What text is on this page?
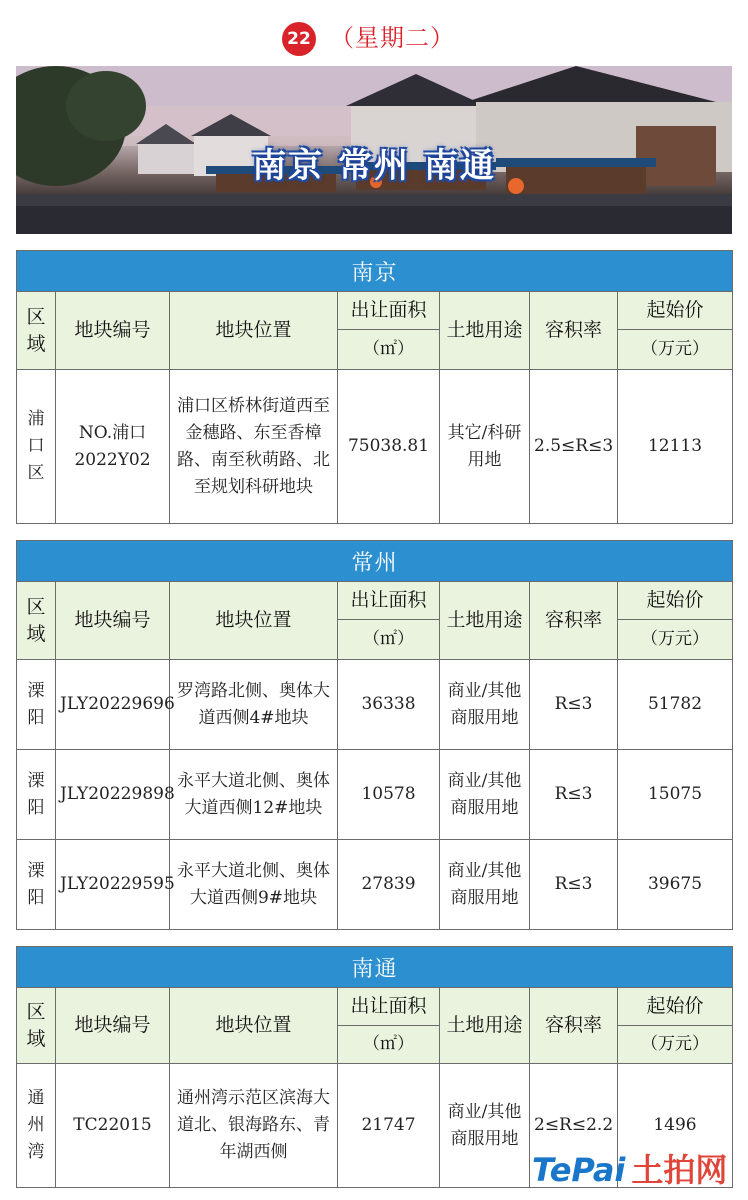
22 （星期二）
南京 常州 南通
南京						
区域	地块编号	地块位置	出让面积	土地用途	容积率	起始价
			（㎡）			（万元）
浦口区	NO.浦口2022Y02	浦口区桥林街道西至金穗路、东至香樟路、南至秋萌路、北至规划科研地块	75038.81	其它/科研用地	2.5≤R≤3	12113
常州						
区域	地块编号	地块位置	出让面积	土地用途	容积率	起始价
			（㎡）			（万元）
溧阳	JLY20229696	罗湾路北侧、奥体大道西侧4#地块	36338	商业/其他商服用地	R≤3	51782
溧阳	JLY20229898	永平大道北侧、奥体大道西侧12#地块	10578	商业/其他商服用地	R≤3	15075
溧阳	JLY20229595	永平大道北侧、奥体大道西侧9#地块	27839	商业/其他商服用地	R≤3	39675
南通						
区域	地块编号	地块位置	出让面积	土地用途	容积率	起始价
			（㎡）			（万元）
通州湾	TC22015	通州湾示范区滨海大道北、银海路东、青年湖西侧	21747	商业/其他商服用地	2≤R≤2.2	1496
TePai 土拍网
